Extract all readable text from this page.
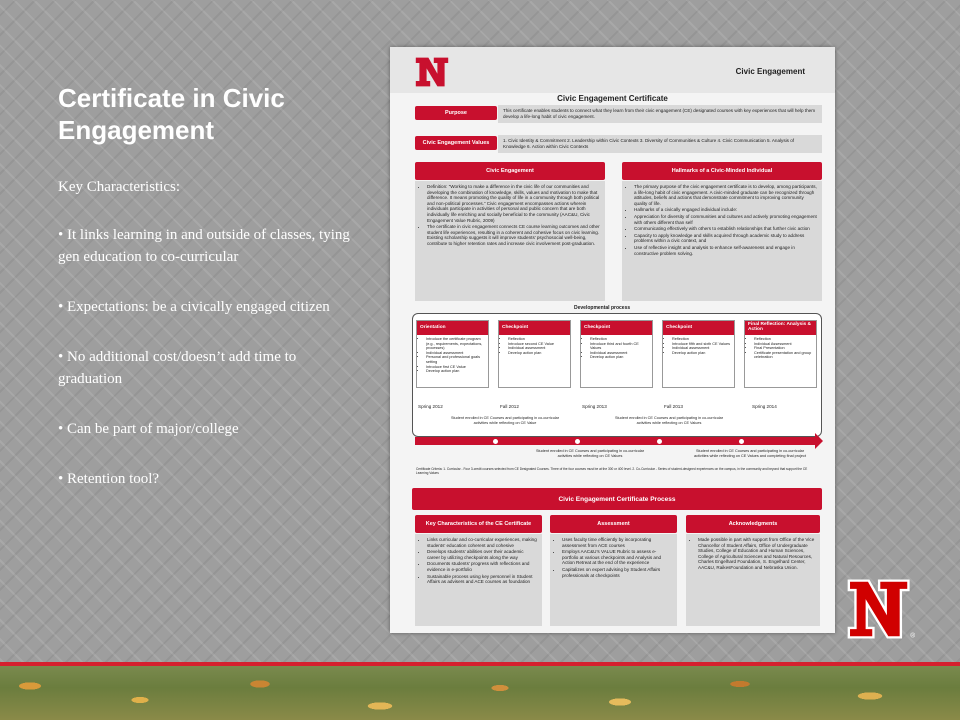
Certificate in Civic Engagement
Key Characteristics:
• It links learning in and outside of classes, tying gen education to co-curricular
• Expectations: be a civically engaged citizen
• No additional cost/doesn’t add time to graduation
• Can be part of major/college
• Retention tool?
Civic Engagement
Civic Engagement Certificate
Purpose	This certificate enables students to connect what they learn from their civic engagement (CE) designated courses with key experiences that will help them develop a life-long habit of civic engagement.
Civic Engagement Values	1. Civic Identity & Commitment 2. Leadership within Civic Contexts 3. Diversity of Communities & Culture 4. Civic Communication 5. Analysis of Knowledge 6. Action within Civic Contexts
Civic Engagement
• Definition: “Working to make a difference in the civic life of our communities and developing the combination of knowledge, skills, values and motivation to make that difference. It means promoting the quality of life in a community through both political and non-political processes.” Civic engagement encompasses actions wherein individuals participate in activities of personal and public concern that are both individually life enriching and socially beneficial to the community (AAC&U, Civic Engagement Value Rubric, 2009)
• The certificate in civic engagement connects CE course learning outcomes and other student life experiences, resulting in a coherent and cohesive focus on civic learning. Existing scholarship suggests it will improve students’ psychosocial well-being, contribute to higher retention rates and increase civic involvement post-graduation.
Hallmarks of a Civic-Minded Individual
• The primary purpose of the civic engagement certificate is to develop, among participants, a life-long habit of civic engagement. A civic-minded graduate can be recognized through attitudes, beliefs and actions that demonstrate commitment to improving community quality of life.
• Hallmarks of a civically engaged individual include:
• Appreciation for diversity of communities and cultures and actively promoting engagement with others different than self
• Communicating effectively with others to establish relationships that further civic action
• Capacity to apply knowledge and skills acquired through academic study to address problems within a civic context, and
• Use of reflective insight and analysis to enhance self-awareness and engage in constructive problem solving.
Developmental process
Orientation
• Introduce the certificate program (e.g., requirements, expectations, processes)
• Individual assessment
• Personal and professional goals setting
• Introduce first CE Value
• Develop action plan
Checkpoint
• Reflection
• Introduce second CE Value
• Individual assessment
• Develop action plan
Checkpoint
• Reflection
• Introduce third and fourth CE Values
• Individual assessment
• Develop action plan
Checkpoint
• Reflection
• Introduce fifth and sixth CE Values
• Individual assessment
• Develop action plan
Final Reflection: Analysis & Action
• Reflection
• Individual Assessment
• Final Presentation
• Certificate presentation and group celebration
Spring 2012	Fall 2012	Spring 2013	Fall 2013	Spring 2014
Student enrolled in CE Courses and participating in co-curricular activities while reflecting on CE Value
Student enrolled in CE Courses and participating in co-curricular activities while reflecting on CE Values
Student enrolled in CE Courses and participating in co-curricular activities while reflecting on CE Values
Student enrolled in CE Courses and participating in co-curricular activities while reflecting on CE Values and completing final project
Certificate Criteria: 1. Curricular - Four 3-credit courses selected from CE Designated Courses. Three of the four courses must be at the 300 or 400 level. 2. Co-Curricular - Series of student-designed experiences on the campus, in the community and beyond that support the CE Learning Values
Civic Engagement Certificate Process
Key Characteristics of the CE Certificate
• Links curricular and co-curricular experiences, making students’ education coherent and cohesive
• Develops students’ abilities over their academic career by utilizing checkpoints along the way
• Documents students’ progress with reflections and evidence in e-portfolio
• Sustainable process using key personnel in Student Affairs as advisers and ACE courses as foundation
Assessment
• Uses faculty time efficiently by incorporating assessment from ACE courses
• Employs AAC&U’s VALUE Rubric to assess e-portfolio at various checkpoints and Analysis and Action Retreat at the end of the experience
• Capitalizes on expert advising by Student Affairs professionals at checkpoints
Acknowledgments
• Made possible in part with support from Office of the Vice Chancellor of Student Affairs, Office of Undergraduate Studies, College of Education and Human Sciences, College of Agricultural Sciences and Natural Resources, Charles Engelhard Foundation, S. Engelhard Center, AAC&U, RaikesFoundation and Nebraska Union.
®
